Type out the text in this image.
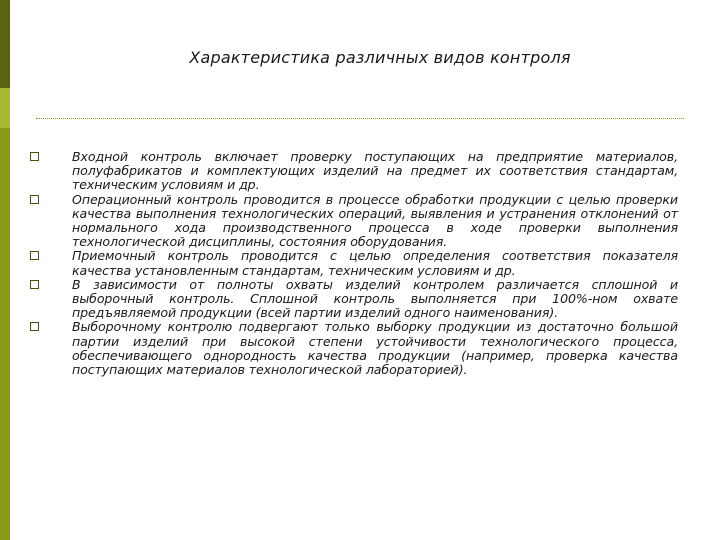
Характеристика различных видов контроля
Входной контроль включает проверку поступающих на предприятие материалов, полуфабрикатов и комплектующих изделий на предмет их соответствия стандартам, техническим условиям и др.
Операционный контроль проводится в процессе обработки продукции с целью проверки качества выполнения технологических операций, выявления и устранения отклонений от нормального хода производственного процесса в ходе проверки выполнения технологической дисциплины, состояния оборудования.
Приемочный контроль проводится с целью определения соответствия показателя качества установленным стандартам, техническим условиям и др.
В зависимости от полноты охваты изделий контролем различается сплошной и выборочный контроль. Сплошной контроль выполняется при 100%-ном охвате предъявляемой продукции (всей партии изделий одного наименования).
Выборочному контролю подвергают только выборку продукции из достаточно большой партии изделий при высокой степени устойчивости технологического процесса, обеспечивающего однородность качества продукции (например, проверка качества поступающих материалов технологической лабораторией).
